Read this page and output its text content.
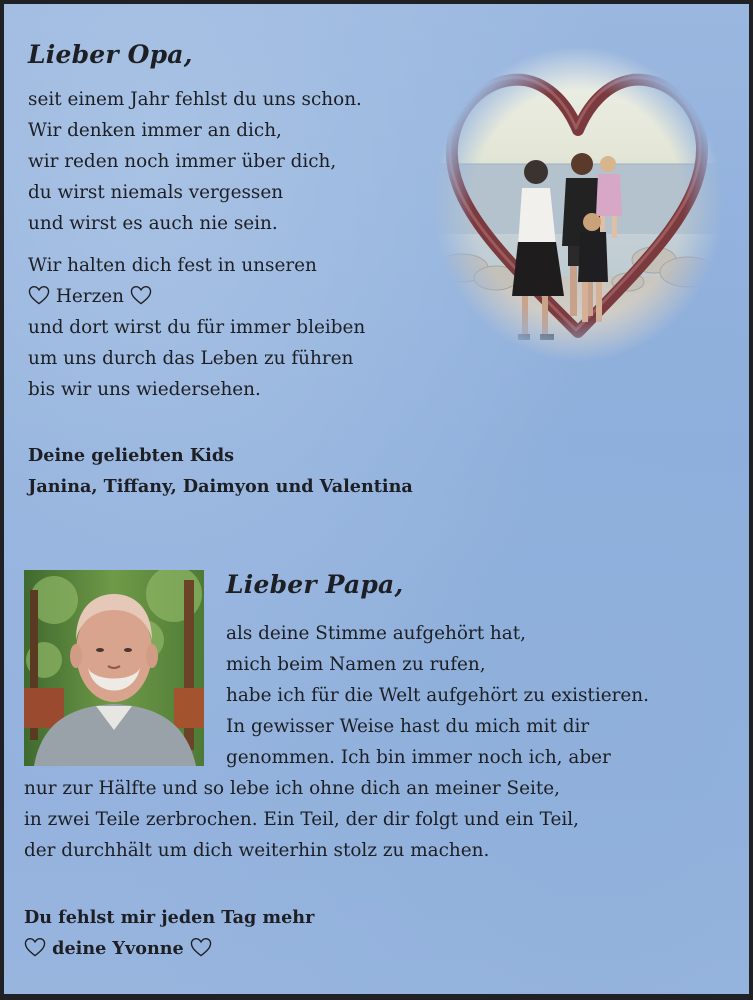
Lieber Opa,

seit einem Jahr fehlst du uns schon.
Wir denken immer an dich,
wir reden noch immer über dich,
du wirst niemals vergessen
und wirst es auch nie sein.

Wir halten dich fest in unseren
Herzen
und dort wirst du für immer bleiben
um uns durch das Leben zu führen
bis wir uns wiedersehen.

Deine geliebten Kids
Janina, Tiffany, Daimyon und Valentina

Lieber Papa,

als deine Stimme aufgehört hat,
mich beim Namen zu rufen,
habe ich für die Welt aufgehört zu existieren.
In gewisser Weise hast du mich mit dir
genommen. Ich bin immer noch ich, aber

nur zur Hälfte und so lebe ich ohne dich an meiner Seite,
in zwei Teile zerbrochen. Ein Teil, der dir folgt und ein Teil,
der durchhält um dich weiterhin stolz zu machen.

Du fehlst mir jeden Tag mehr
deine Yvonne
